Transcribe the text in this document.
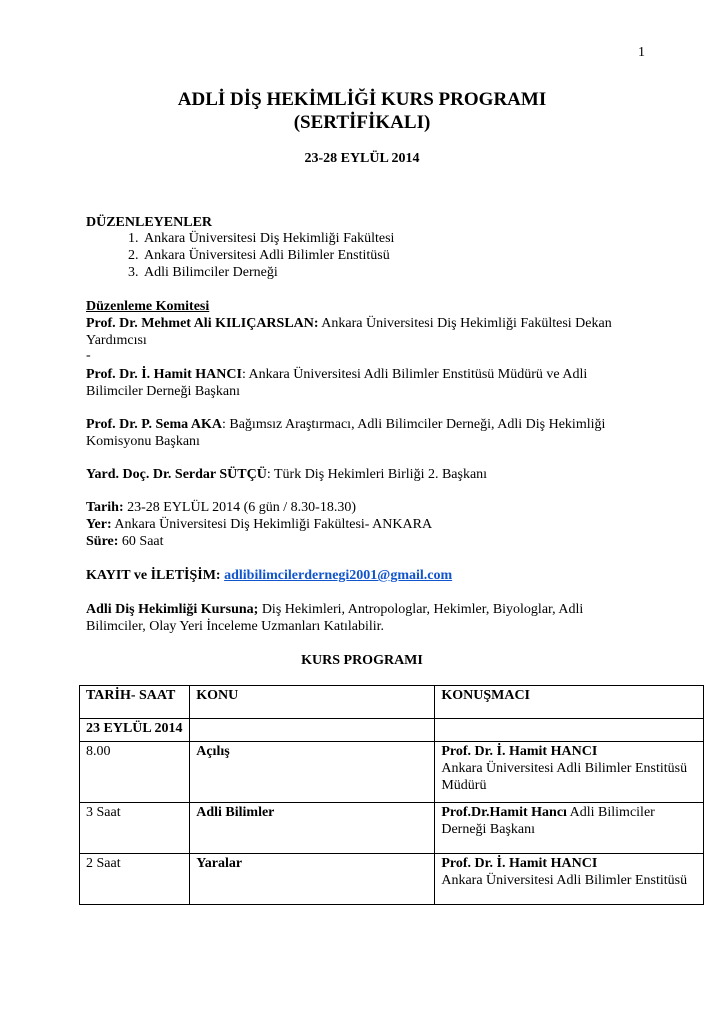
1
ADLİ DİŞ HEKİMLİĞİ KURS PROGRAMI
(SERTİFİKALI)
23-28 EYLÜL 2014
DÜZENLEYENLER
1. Ankara Üniversitesi Diş Hekimliği Fakültesi
2. Ankara Üniversitesi Adli Bilimler Enstitüsü
3. Adli Bilimciler Derneği
Düzenleme Komitesi
Prof. Dr. Mehmet Ali KILIÇARSLAN: Ankara Üniversitesi Diş Hekimliği Fakültesi Dekan Yardımcısı
-
Prof. Dr. İ. Hamit HANCI: Ankara Üniversitesi Adli Bilimler Enstitüsü Müdürü ve Adli Bilimciler Derneği Başkanı
Prof. Dr. P. Sema AKA: Bağımsız Araştırmacı, Adli Bilimciler Derneği, Adli Diş Hekimliği Komisyonu Başkanı
Yard. Doç. Dr. Serdar SÜTÇÜ: Türk Diş Hekimleri Birliği 2. Başkanı
Tarih: 23-28 EYLÜL 2014 (6 gün / 8.30-18.30)
Yer: Ankara Üniversitesi Diş Hekimliği Fakültesi- ANKARA
Süre: 60 Saat
KAYIT ve İLETİŞİM: adlibilimcilerdernegi2001@gmail.com
Adli Diş Hekimliği Kursuna; Diş Hekimleri, Antropologlar, Hekimler, Biyologlar, Adli Bilimciler, Olay Yeri İnceleme Uzmanları Katılabilir.
KURS PROGRAMI
TARİH- SAAT	KONU	KONUŞMACI
23 EYLÜL 2014		
8.00	Açılış	Prof. Dr. İ. Hamit HANCI
Ankara Üniversitesi Adli Bilimler Enstitüsü Müdürü

3 Saat	Adli Bilimler	Prof.Dr.Hamit Hancı Adli Bilimciler Derneği Başkanı
2 Saat	Yaralar	Prof. Dr. İ. Hamit HANCI
Ankara Üniversitesi Adli Bilimler Enstitüsü
